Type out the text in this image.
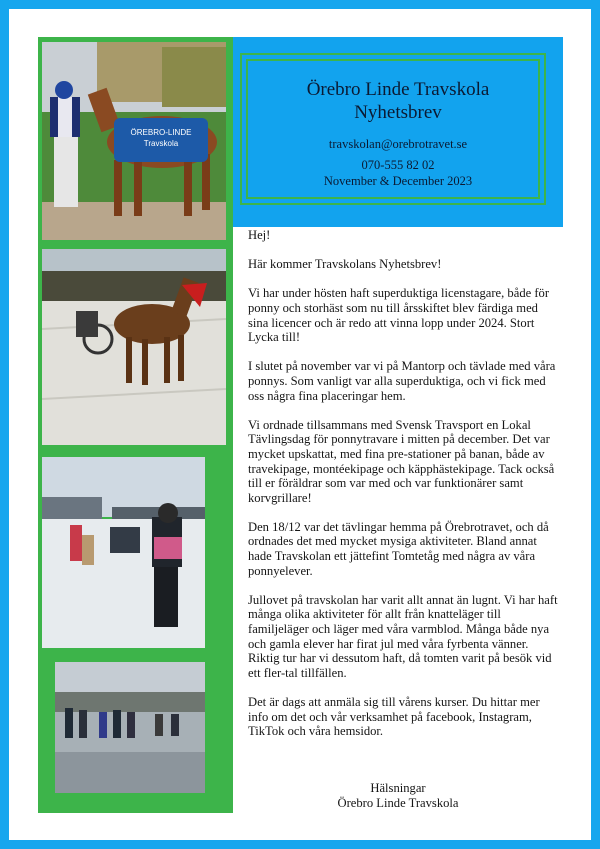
ÖREBRO-LINDE
Travskola
Örebro Linde Travskola
Nyhetsbrev
travskolan@orebrotravet.se
070-555 82 02
November & December 2023

Hej!

Här kommer Travskolans Nyhetsbrev!

Vi har under hösten haft superduktiga licenstagare, både för ponny och storhäst som nu till årsskiftet blev färdiga med sina licencer och är redo att vinna lopp under 2024. Stort Lycka till!

I slutet på november var vi på Mantorp och tävlade med våra ponnys. Som vanligt var alla superduktiga, och vi fick med oss några fina placeringar hem.

Vi ordnade tillsammans med Svensk Travsport en Lokal Tävlingsdag för ponnytravare i mitten på december. Det var mycket upskattat, med fina pre-stationer på banan, både av travekipage, montéekipage och käpphästekipage. Tack också till er föräldrar som var med och var funktionärer samt korvgrillare!

Den 18/12 var det tävlingar hemma på Örebrotravet, och då ordnades det med mycket mysiga aktiviteter. Bland annat hade Travskolan ett jättefint Tomtetåg med några av våra ponnyelever.

Jullovet på travskolan har varit allt annat än lugnt. Vi har haft många olika aktiviteter för allt från knatteläger till familjeläger och läger med våra varmblod. Många både nya och gamla elever har firat jul med våra fyrbenta vänner. Riktig tur har vi dessutom haft, då tomten varit på besök vid ett fler-tal tillfällen.

Det är dags att anmäla sig till vårens kurser. Du hittar mer info om det och vår verksamhet på facebook, Instagram, TikTok och våra hemsidor.

Hälsningar
Örebro Linde Travskola
